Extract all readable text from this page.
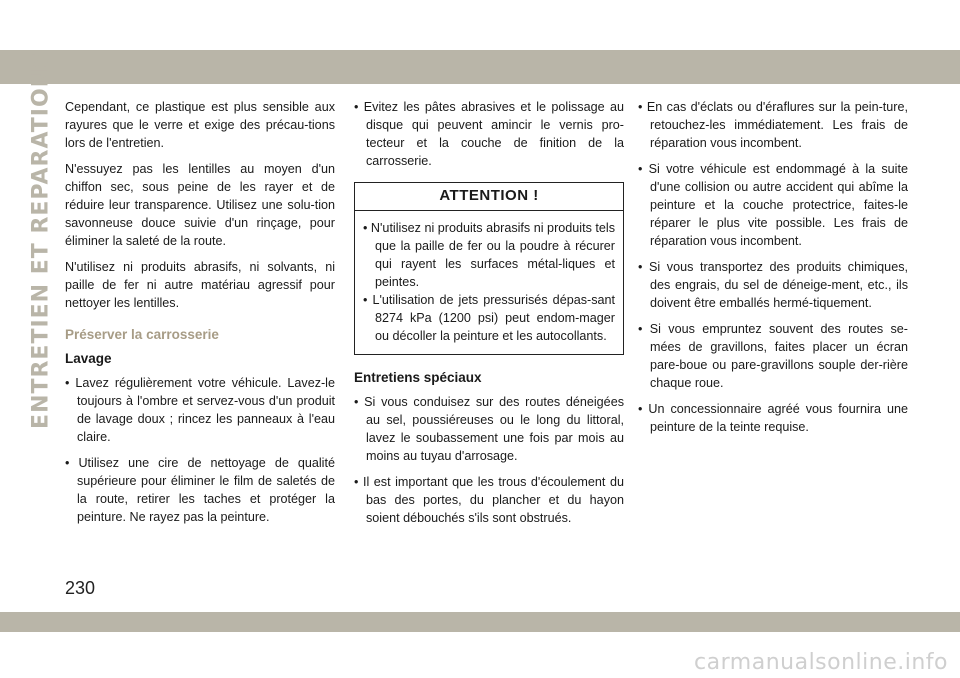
ENTRETIEN ET REPARATIONS Cependant, ce plastique est plus sensible aux rayures que le verre et exige des précau-tions lors de l'entretien.

N'essuyez pas les lentilles au moyen d'un chiffon sec, sous peine de les rayer et de réduire leur transparence. Utilisez une solu-tion savonneuse douce suivie d'un rinçage, pour éliminer la saleté de la route.

N'utilisez ni produits abrasifs, ni solvants, ni paille de fer ni autre matériau agressif pour nettoyer les lentilles.

Préserver la carrosserie
Lavage
• Lavez régulièrement votre véhicule. Lavez-le toujours à l'ombre et servez-vous d'un produit de lavage doux ; rincez les panneaux à l'eau claire.
• Utilisez une cire de nettoyage de qualité supérieure pour éliminer le film de saletés de la route, retirer les taches et protéger la peinture. Ne rayez pas la peinture.
• Evitez les pâtes abrasives et le polissage au disque qui peuvent amincir le vernis pro-tecteur et la couche de finition de la carrosserie.
ATTENTION !
• N'utilisez ni produits abrasifs ni produits tels que la paille de fer ou la poudre à récurer qui rayent les surfaces métal-liques et peintes.
• L'utilisation de jets pressurisés dépas-sant 8274 kPa (1200 psi) peut endom-mager ou décoller la peinture et les autocollants.
Entretiens spéciaux
• Si vous conduisez sur des routes déneigées au sel, poussiéreuses ou le long du littoral, lavez le soubassement une fois par mois au moins au tuyau d'arrosage.
• Il est important que les trous d'écoulement du bas des portes, du plancher et du hayon soient débouchés s'ils sont obstrués.
• En cas d'éclats ou d'éraflures sur la pein-ture, retouchez-les immédiatement. Les frais de réparation vous incombent.
• Si votre véhicule est endommagé à la suite d'une collision ou autre accident qui abîme la peinture et la couche protectrice, faites-le réparer le plus vite possible. Les frais de réparation vous incombent.
• Si vous transportez des produits chimiques, des engrais, du sel de déneige-ment, etc., ils doivent être emballés hermé-tiquement.
• Si vous empruntez souvent des routes se-mées de gravillons, faites placer un écran pare-boue ou pare-gravillons souple der-rière chaque roue.
• Un concessionnaire agréé vous fournira une peinture de la teinte requise.
230
carmanualsonline.info
